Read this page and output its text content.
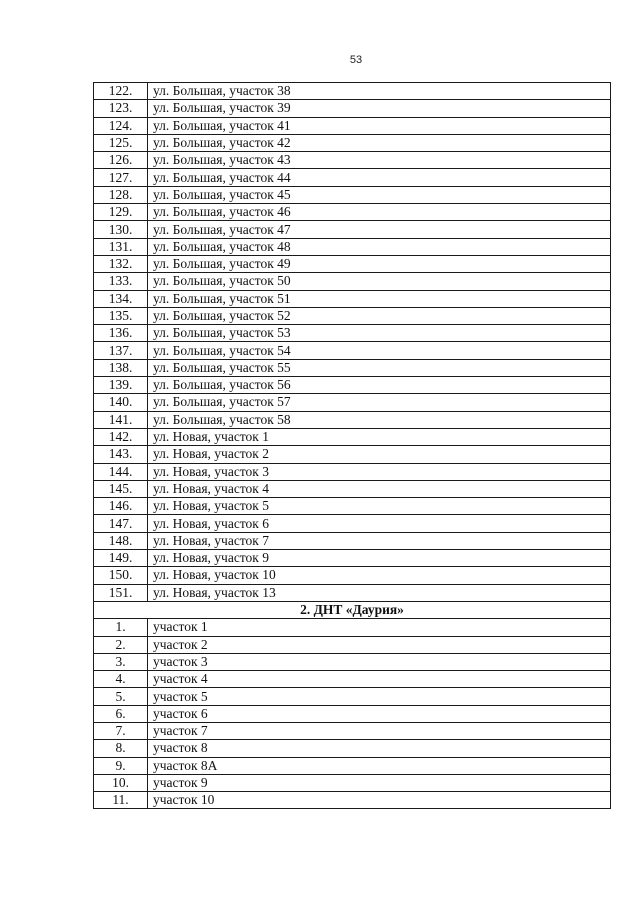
53
122.	ул. Большая, участок 38
123.	ул. Большая, участок 39
124.	ул. Большая, участок 41
125.	ул. Большая, участок 42
126.	ул. Большая, участок 43
127.	ул. Большая, участок 44
128.	ул. Большая, участок 45
129.	ул. Большая, участок 46
130.	ул. Большая, участок 47
131.	ул. Большая, участок 48
132.	ул. Большая, участок 49
133.	ул. Большая, участок 50
134.	ул. Большая, участок 51
135.	ул. Большая, участок 52
136.	ул. Большая, участок 53
137.	ул. Большая, участок 54
138.	ул. Большая, участок 55
139.	ул. Большая, участок 56
140.	ул. Большая, участок 57
141.	ул. Большая, участок 58
142.	ул. Новая, участок 1
143.	ул. Новая, участок 2
144.	ул. Новая, участок 3
145.	ул. Новая, участок 4
146.	ул. Новая, участок 5
147.	ул. Новая, участок 6
148.	ул. Новая, участок 7
149.	ул. Новая, участок 9
150.	ул. Новая, участок 10
151.	ул. Новая, участок 13
2. ДНТ «Даурия»	
1.	участок 1
2.	участок 2
3.	участок 3
4.	участок 4
5.	участок 5
6.	участок 6
7.	участок 7
8.	участок 8
9.	участок 8А
10.	участок 9
11.	участок 10
